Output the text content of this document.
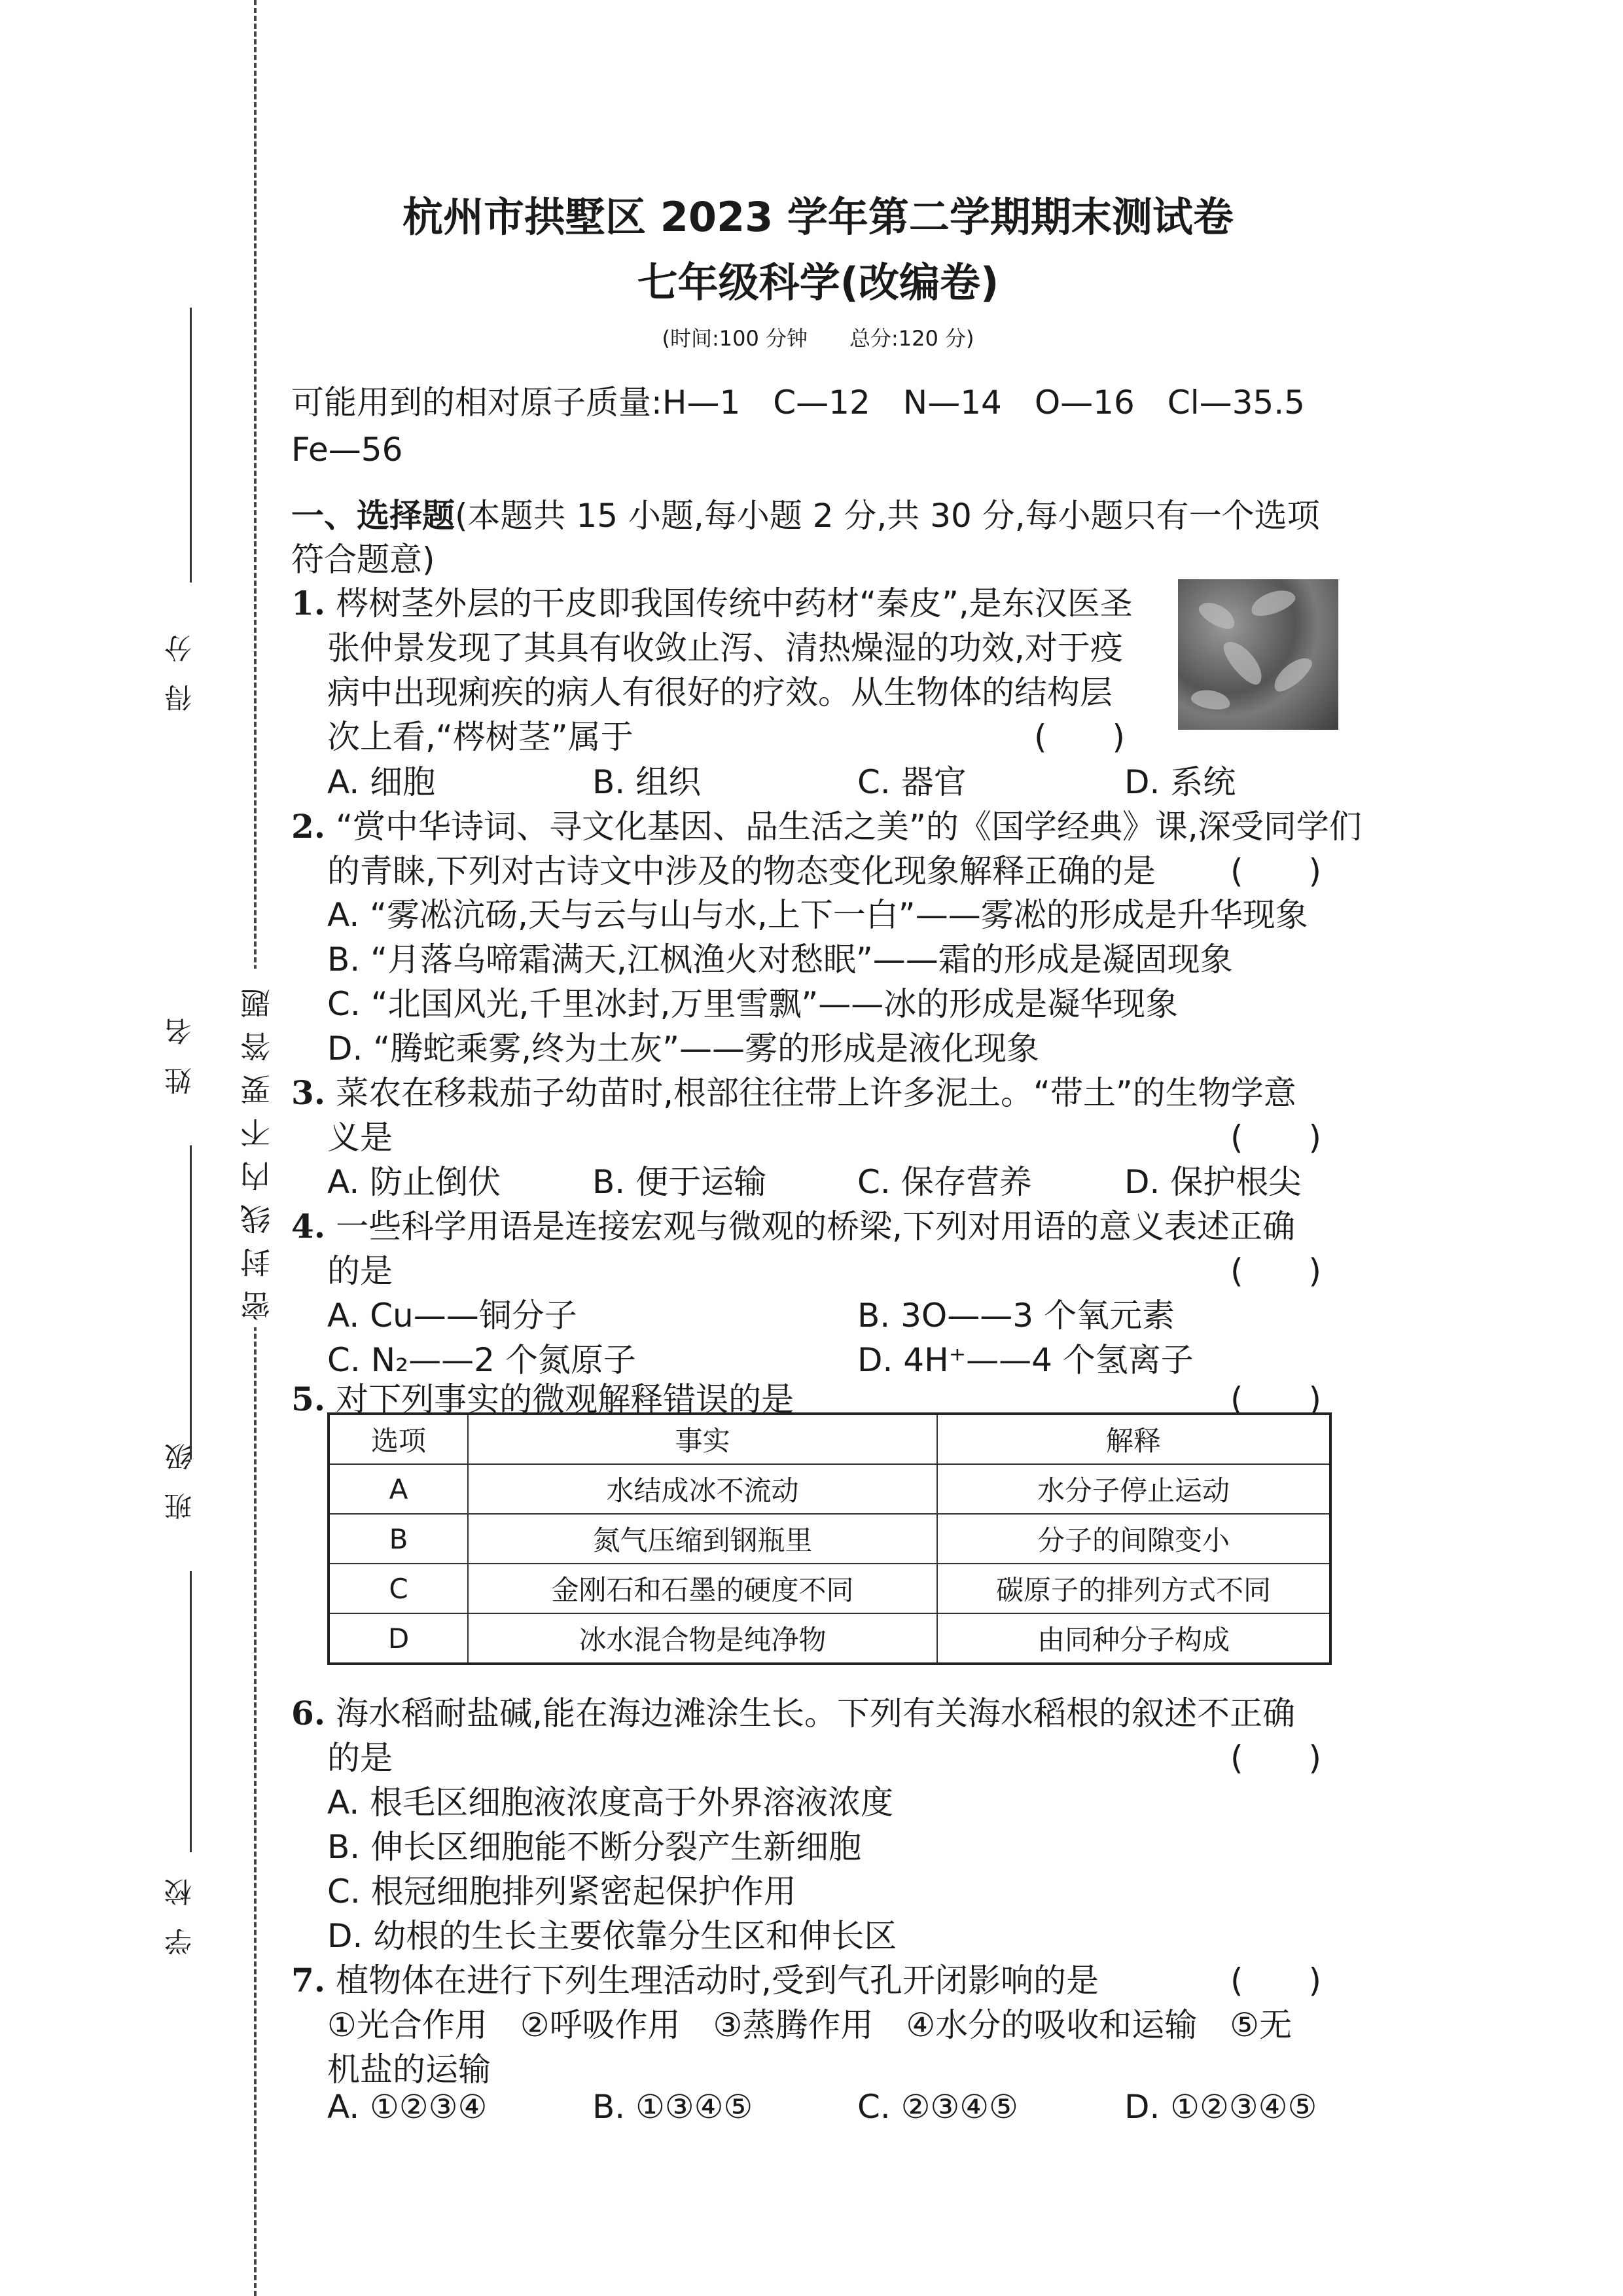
得 分
姓 名
班 级
学 校
密封线内不要答题
杭州市拱墅区 2023 学年第二学期期末测试卷
七年级科学(改编卷)
(时间:100 分钟　　总分:120 分)
可能用到的相对原子质量:H—1　C—12　N—14　O—16　Cl—35.5
Fe—56
一、选择题(本题共 15 小题,每小题 2 分,共 30 分,每小题只有一个选项
符合题意)
1. 梣树茎外层的干皮即我国传统中药材“秦皮”,是东汉医圣
张仲景发现了其具有收敛止泻、清热燥湿的功效,对于疫
病中出现痢疾的病人有很好的疗效。从生物体的结构层
次上看,“梣树茎”属于	(　　)
A. 细胞	B. 组织	C. 器官	D. 系统
2. “赏中华诗词、寻文化基因、品生活之美”的《国学经典》课,深受同学们
的青睐,下列对古诗文中涉及的物态变化现象解释正确的是 (　　)
A. “雾凇沆砀,天与云与山与水,上下一白”——雾凇的形成是升华现象
B. “月落乌啼霜满天,江枫渔火对愁眠”——霜的形成是凝固现象
C. “北国风光,千里冰封,万里雪飘”——冰的形成是凝华现象
D. “腾蛇乘雾,终为土灰”——雾的形成是液化现象
3. 菜农在移栽茄子幼苗时,根部往往带上许多泥土。“带土”的生物学意
义是	(　　)
A. 防止倒伏	B. 便于运输	C. 保存营养	D. 保护根尖
4. 一些科学用语是连接宏观与微观的桥梁,下列对用语的意义表述正确
的是	(　　)
A. Cu——铜分子	B. 3O——3 个氧元素
C. N₂——2 个氮原子	D. 4H⁺——4 个氢离子
5. 对下列事实的微观解释错误的是	(　　)
选项	事实	解释
A	水结成冰不流动	水分子停止运动
B	氮气压缩到钢瓶里	分子的间隙变小
C	金刚石和石墨的硬度不同	碳原子的排列方式不同
D	冰水混合物是纯净物	由同种分子构成
6. 海水稻耐盐碱,能在海边滩涂生长。下列有关海水稻根的叙述不正确
的是	(　　)
A. 根毛区细胞液浓度高于外界溶液浓度
B. 伸长区细胞能不断分裂产生新细胞
C. 根冠细胞排列紧密起保护作用
D. 幼根的生长主要依靠分生区和伸长区
7. 植物体在进行下列生理活动时,受到气孔开闭影响的是	(　　)
①光合作用　②呼吸作用　③蒸腾作用　④水分的吸收和运输　⑤无
机盐的运输
A. ①②③④	B. ①③④⑤	C. ②③④⑤	D. ①②③④⑤
